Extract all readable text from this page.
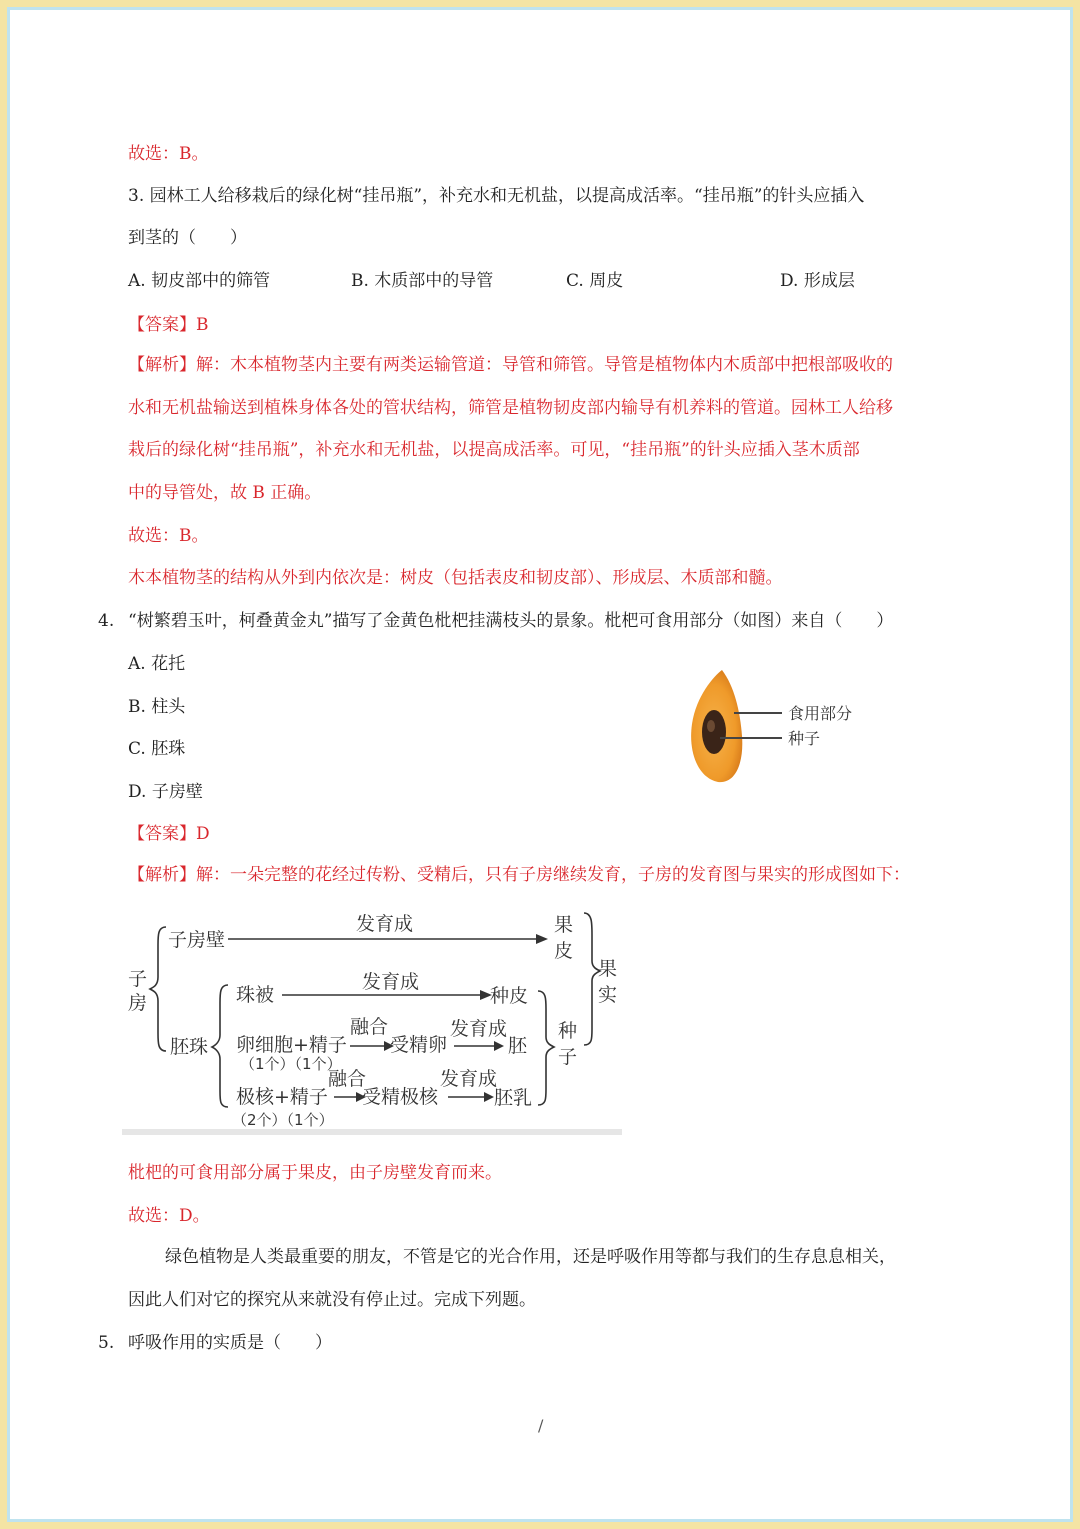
故选：B。
3. 园林工人给移栽后的绿化树“挂吊瓶”，补充水和无机盐，以提高成活率。“挂吊瓶”的针头应插入
到茎的（　　）
A. 韧皮部中的筛管	B. 木质部中的导管	C. 周皮	D. 形成层
【答案】B
【解析】解：木本植物茎内主要有两类运输管道：导管和筛管。导管是植物体内木质部中把根部吸收的
水和无机盐输送到植株身体各处的管状结构，筛管是植物韧皮部内输导有机养料的管道。园林工人给移
栽后的绿化树“挂吊瓶”，补充水和无机盐，以提高成活率。可见，“挂吊瓶”的针头应插入茎木质部
中的导管处，故 B 正确。
故选：B。
木本植物茎的结构从外到内依次是：树皮（包括表皮和韧皮部）、形成层、木质部和髓。
4. “树繁碧玉叶，柯叠黄金丸”描写了金黄色枇杷挂满枝头的景象。枇杷可食用部分（如图）来自（　　）
A. 花托
B. 柱头
C. 胚珠
D. 子房壁
食用部分
种子
【答案】D
【解析】解：一朵完整的花经过传粉、受精后，只有子房继续发育，子房的发育图与果实的形成图如下：
子
房
子房壁
发育成	果
皮
果
实
胚珠
珠被
发育成
种皮
卵细胞+精子
融合
受精卵
发育成
胚
种
子
融合
极核+精子 受精极核
发育成
胚乳
（1个）（1个）
（2个）（1个）
枇杷的可食用部分属于果皮，由子房壁发育而来。
故选：D。
绿色植物是人类最重要的朋友，不管是它的光合作用，还是呼吸作用等都与我们的生存息息相关，
因此人们对它的探究从来就没有停止过。完成下列题。
5. 呼吸作用的实质是（　　）
/
